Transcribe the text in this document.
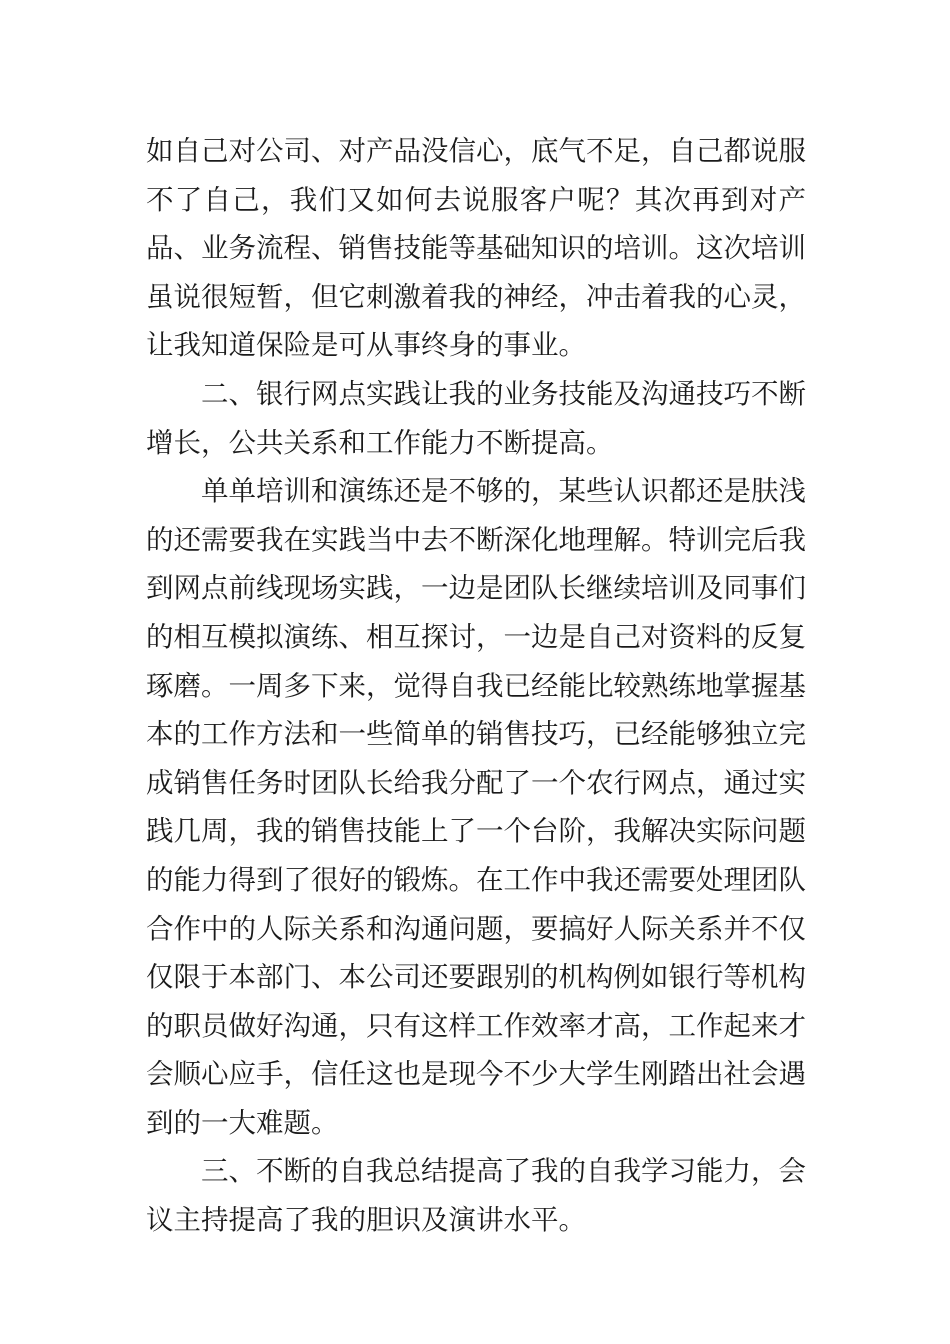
如自己对公司、对产品没信心，底气不足，自己都说服不了自己，我们又如何去说服客户呢？其次再到对产品、业务流程、销售技能等基础知识的培训。这次培训虽说很短暂，但它刺激着我的神经，冲击着我的心灵，让我知道保险是可从事终身的事业。

二、银行网点实践让我的业务技能及沟通技巧不断增长，公共关系和工作能力不断提高。

单单培训和演练还是不够的，某些认识都还是肤浅的还需要我在实践当中去不断深化地理解。特训完后我到网点前线现场实践，一边是团队长继续培训及同事们的相互模拟演练、相互探讨，一边是自己对资料的反复琢磨。一周多下来，觉得自我已经能比较熟练地掌握基本的工作方法和一些简单的销售技巧，已经能够独立完成销售任务时团队长给我分配了一个农行网点，通过实践几周，我的销售技能上了一个台阶，我解决实际问题的能力得到了很好的锻炼。在工作中我还需要处理团队合作中的人际关系和沟通问题，要搞好人际关系并不仅仅限于本部门、本公司还要跟别的机构例如银行等机构的职员做好沟通，只有这样工作效率才高，工作起来才会顺心应手，信任这也是现今不少大学生刚踏出社会遇到的一大难题。

三、不断的自我总结提高了我的自我学习能力，会议主持提高了我的胆识及演讲水平。
